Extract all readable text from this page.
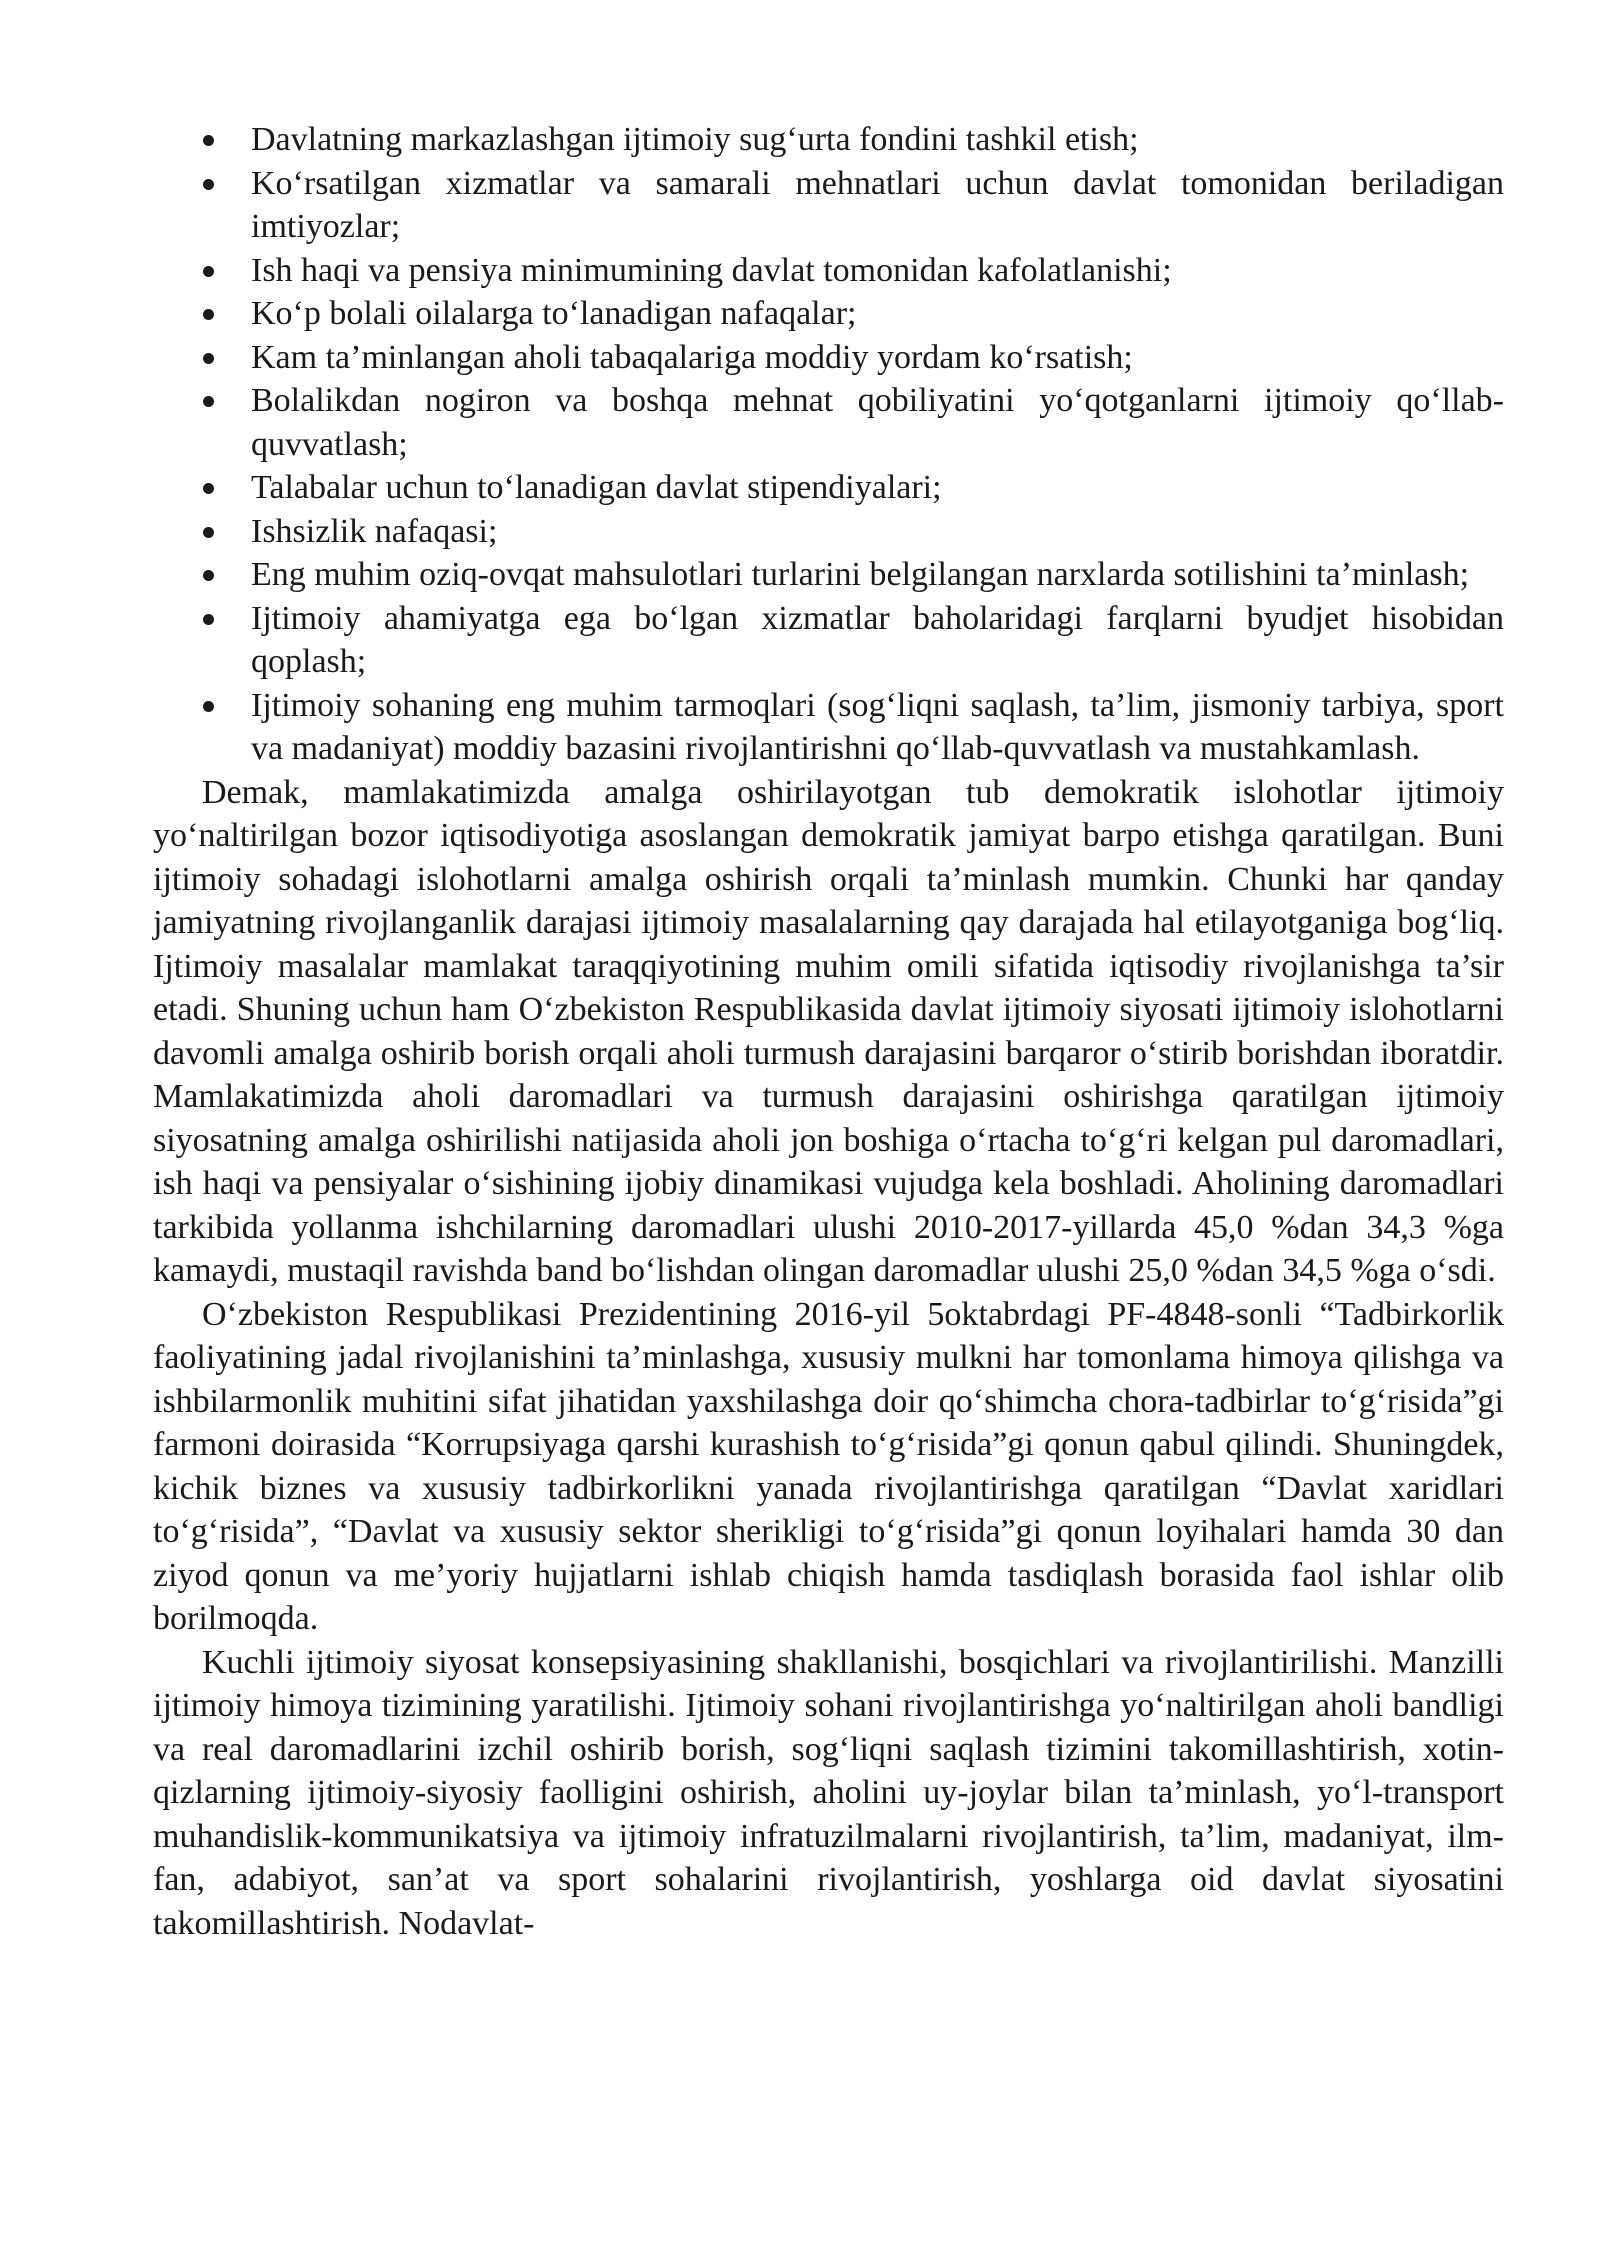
Davlatning markazlashgan ijtimoiy sug‘urta fondini tashkil etish;
Ko‘rsatilgan xizmatlar va samarali mehnatlari uchun davlat tomonidan beriladigan imtiyozlar;
Ish haqi va pensiya minimumining davlat tomonidan kafolatlanishi;
Ko‘p bolali oilalarga to‘lanadigan nafaqalar;
Kam ta’minlangan aholi tabaqalariga moddiy yordam ko‘rsatish;
Bolalikdan nogiron va boshqa mehnat qobiliyatini yo‘qotganlarni ijtimoiy qo‘llab-quvvatlash;
Talabalar uchun to‘lanadigan davlat stipendiyalari;
Ishsizlik nafaqasi;
Eng muhim oziq-ovqat mahsulotlari turlarini belgilangan narxlarda sotilishini ta’minlash;
Ijtimoiy ahamiyatga ega bo‘lgan xizmatlar baholaridagi farqlarni byudjet hisobidan qoplash;
Ijtimoiy sohaning eng muhim tarmoqlari (sog‘liqni saqlash, ta’lim, jismoniy tarbiya, sport va madaniyat) moddiy bazasini rivojlantirishni qo‘llab-quvvatlash va mustahkamlash.

Demak, mamlakatimizda amalga oshirilayotgan tub demokratik islohotlar ijtimoiy yo‘naltirilgan bozor iqtisodiyotiga asoslangan demokratik jamiyat barpo etishga qaratilgan. Buni ijtimoiy sohadagi islohotlarni amalga oshirish orqali ta’minlash mumkin. Chunki har qanday jamiyatning rivojlanganlik darajasi ijtimoiy masalalarning qay darajada hal etilayotganiga bog‘liq. Ijtimoiy masalalar mamlakat taraqqiyotining muhim omili sifatida iqtisodiy rivojlanishga ta’sir etadi. Shuning uchun ham O‘zbekiston Respublikasida davlat ijtimoiy siyosati ijtimoiy islohotlarni davomli amalga oshirib borish orqali aholi turmush darajasini barqaror o‘stirib borishdan iboratdir. Mamlakatimizda aholi daromadlari va turmush darajasini oshirishga qaratilgan ijtimoiy siyosatning amalga oshirilishi natijasida aholi jon boshiga o‘rtacha to‘g‘ri kelgan pul daromadlari, ish haqi va pensiyalar o‘sishining ijobiy dinamikasi vujudga kela boshladi. Aholining daromadlari tarkibida yollanma ishchilarning daromadlari ulushi 2010-2017-yillarda 45,0 %dan 34,3 %ga kamaydi, mustaqil ravishda band bo‘lishdan olingan daromadlar ulushi 25,0 %dan 34,5 %ga o‘sdi.

O‘zbekiston Respublikasi Prezidentining 2016-yil 5oktabrdagi PF-4848-sonli “Tadbirkorlik faoliyatining jadal rivojlanishini ta’minlashga, xususiy mulkni har tomonlama himoya qilishga va ishbilarmonlik muhitini sifat jihatidan yaxshilashga doir qo‘shimcha chora-tadbirlar to‘g‘risida”gi farmoni doirasida “Korrupsiyaga qarshi kurashish to‘g‘risida”gi qonun qabul qilindi. Shuningdek, kichik biznes va xususiy tadbirkorlikni yanada rivojlantirishga qaratilgan “Davlat xaridlari to‘g‘risida”, “Davlat va xususiy sektor sherikligi to‘g‘risida”gi qonun loyihalari hamda 30 dan ziyod qonun va me’yoriy hujjatlarni ishlab chiqish hamda tasdiqlash borasida faol ishlar olib borilmoqda.

Kuchli ijtimoiy siyosat konsepsiyasining shakllanishi, bosqichlari va rivojlantirilishi. Manzilli ijtimoiy himoya tizimining yaratilishi. Ijtimoiy sohani rivojlantirishga yo‘naltirilgan aholi bandligi va real daromadlarini izchil oshirib borish, sog‘liqni saqlash tizimini takomillashtirish, xotin-qizlarning ijtimoiy-siyosiy faolligini oshirish, aholini uy-joylar bilan ta’minlash, yo‘l-transport muhandislik-kommunikatsiya va ijtimoiy infratuzilmalarni rivojlantirish, ta’lim, madaniyat, ilm-fan, adabiyot, san’at va sport sohalarini rivojlantirish, yoshlarga oid davlat siyosatini takomillashtirish. Nodavlat-
